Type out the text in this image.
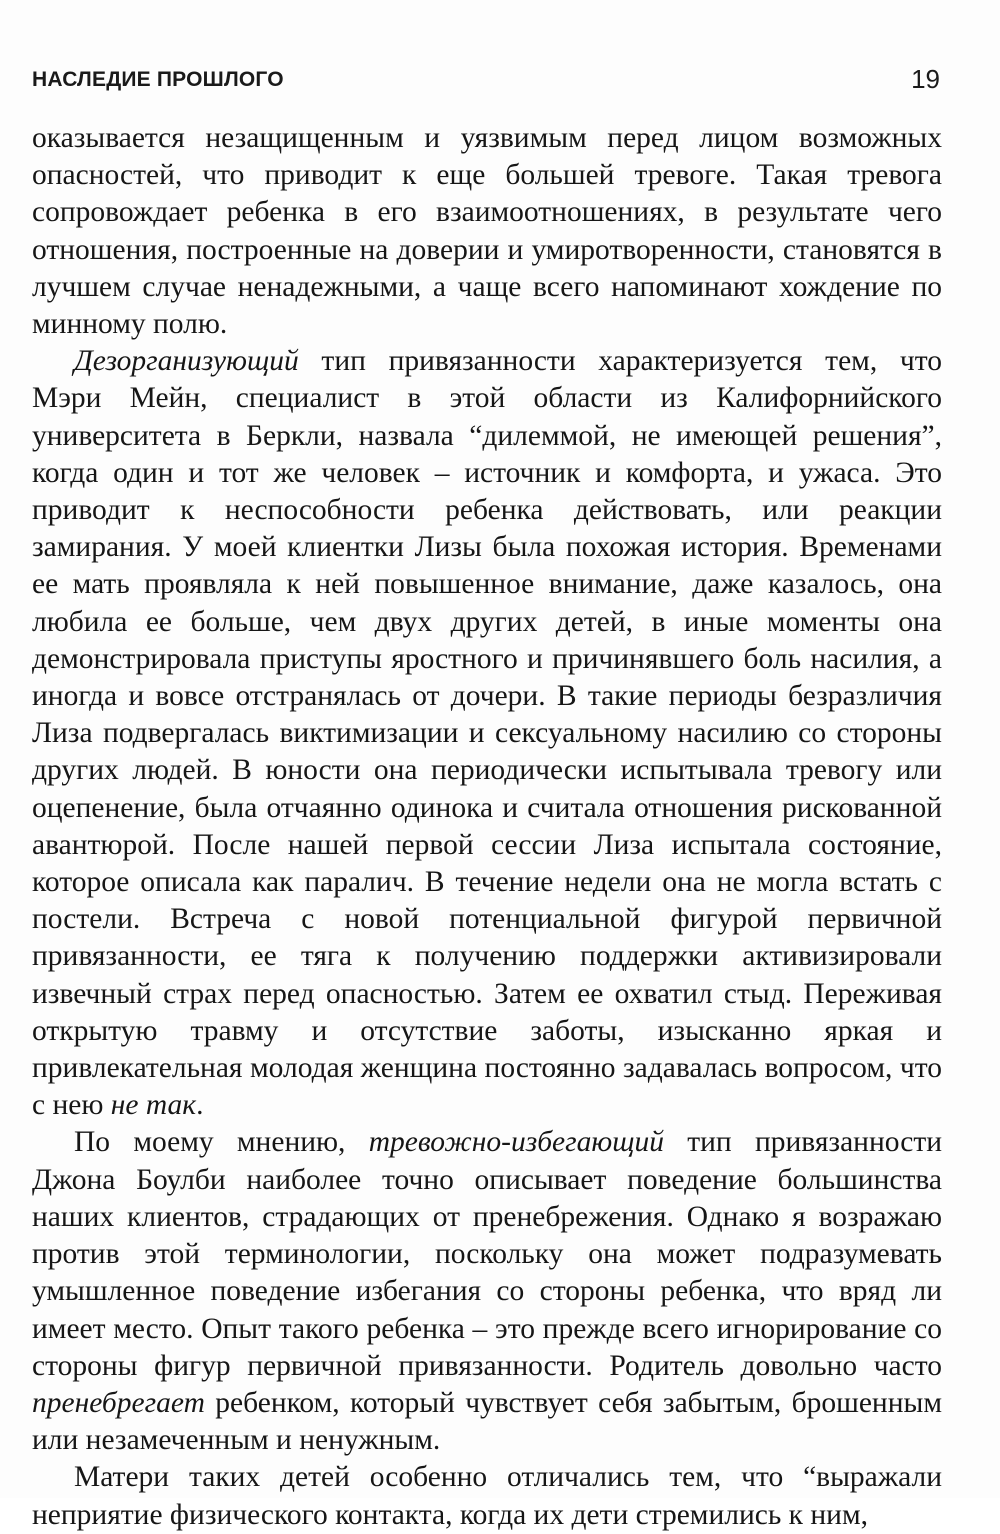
НАСЛЕДИЕ ПРОШЛОГО	19

оказывается незащищенным и уязвимым перед лицом возможных опасностей, что приводит к еще большей тревоге. Такая тревога сопровождает ребенка в его взаимоотношениях, в результате чего отношения, построенные на доверии и умиротворенности, становятся в лучшем случае ненадежными, а чаще всего напоминают хождение по минному полю.

Дезорганизующий тип привязанности характеризуется тем, что Мэри Мейн, специалист в этой области из Калифорнийского университета в Беркли, назвала “дилеммой, не имеющей решения”, когда один и тот же человек – источник и комфорта, и ужаса. Это приводит к неспособности ребенка действовать, или реакции замирания. У моей клиентки Лизы была похожая история. Временами ее мать проявляла к ней повышенное внимание, даже казалось, она любила ее больше, чем двух других детей, в иные моменты она демонстрировала приступы яростного и причинявшего боль насилия, а иногда и вовсе отстранялась от дочери. В такие периоды безразличия Лиза подвергалась виктимизации и сексуальному насилию со стороны других людей. В юности она периодически испытывала тревогу или оцепенение, была отчаянно одинока и считала отношения рискованной авантюрой. После нашей первой сессии Лиза испытала состояние, которое описала как паралич. В течение недели она не могла встать с постели. Встреча с новой потенциальной фигурой первичной привязанности, ее тяга к получению поддержки активизировали извечный страх перед опасностью. Затем ее охватил стыд. Переживая открытую травму и отсутствие заботы, изысканно яркая и привлекательная молодая женщина постоянно задавалась вопросом, что с нею не так.

По моему мнению, тревожно-избегающий тип привязанности Джона Боулби наиболее точно описывает поведение большинства наших клиентов, страдающих от пренебрежения. Однако я возражаю против этой терминологии, поскольку она может подразумевать умышленное поведение избегания со стороны ребенка, что вряд ли имеет место. Опыт такого ребенка – это прежде всего игнорирование со стороны фигур первичной привязанности. Родитель довольно часто пренебрегает ребенком, который чувствует себя забытым, брошенным или незамеченным и ненужным.

Матери таких детей особенно отличались тем, что “выражали неприятие физического контакта, когда их дети стремились к ним,
